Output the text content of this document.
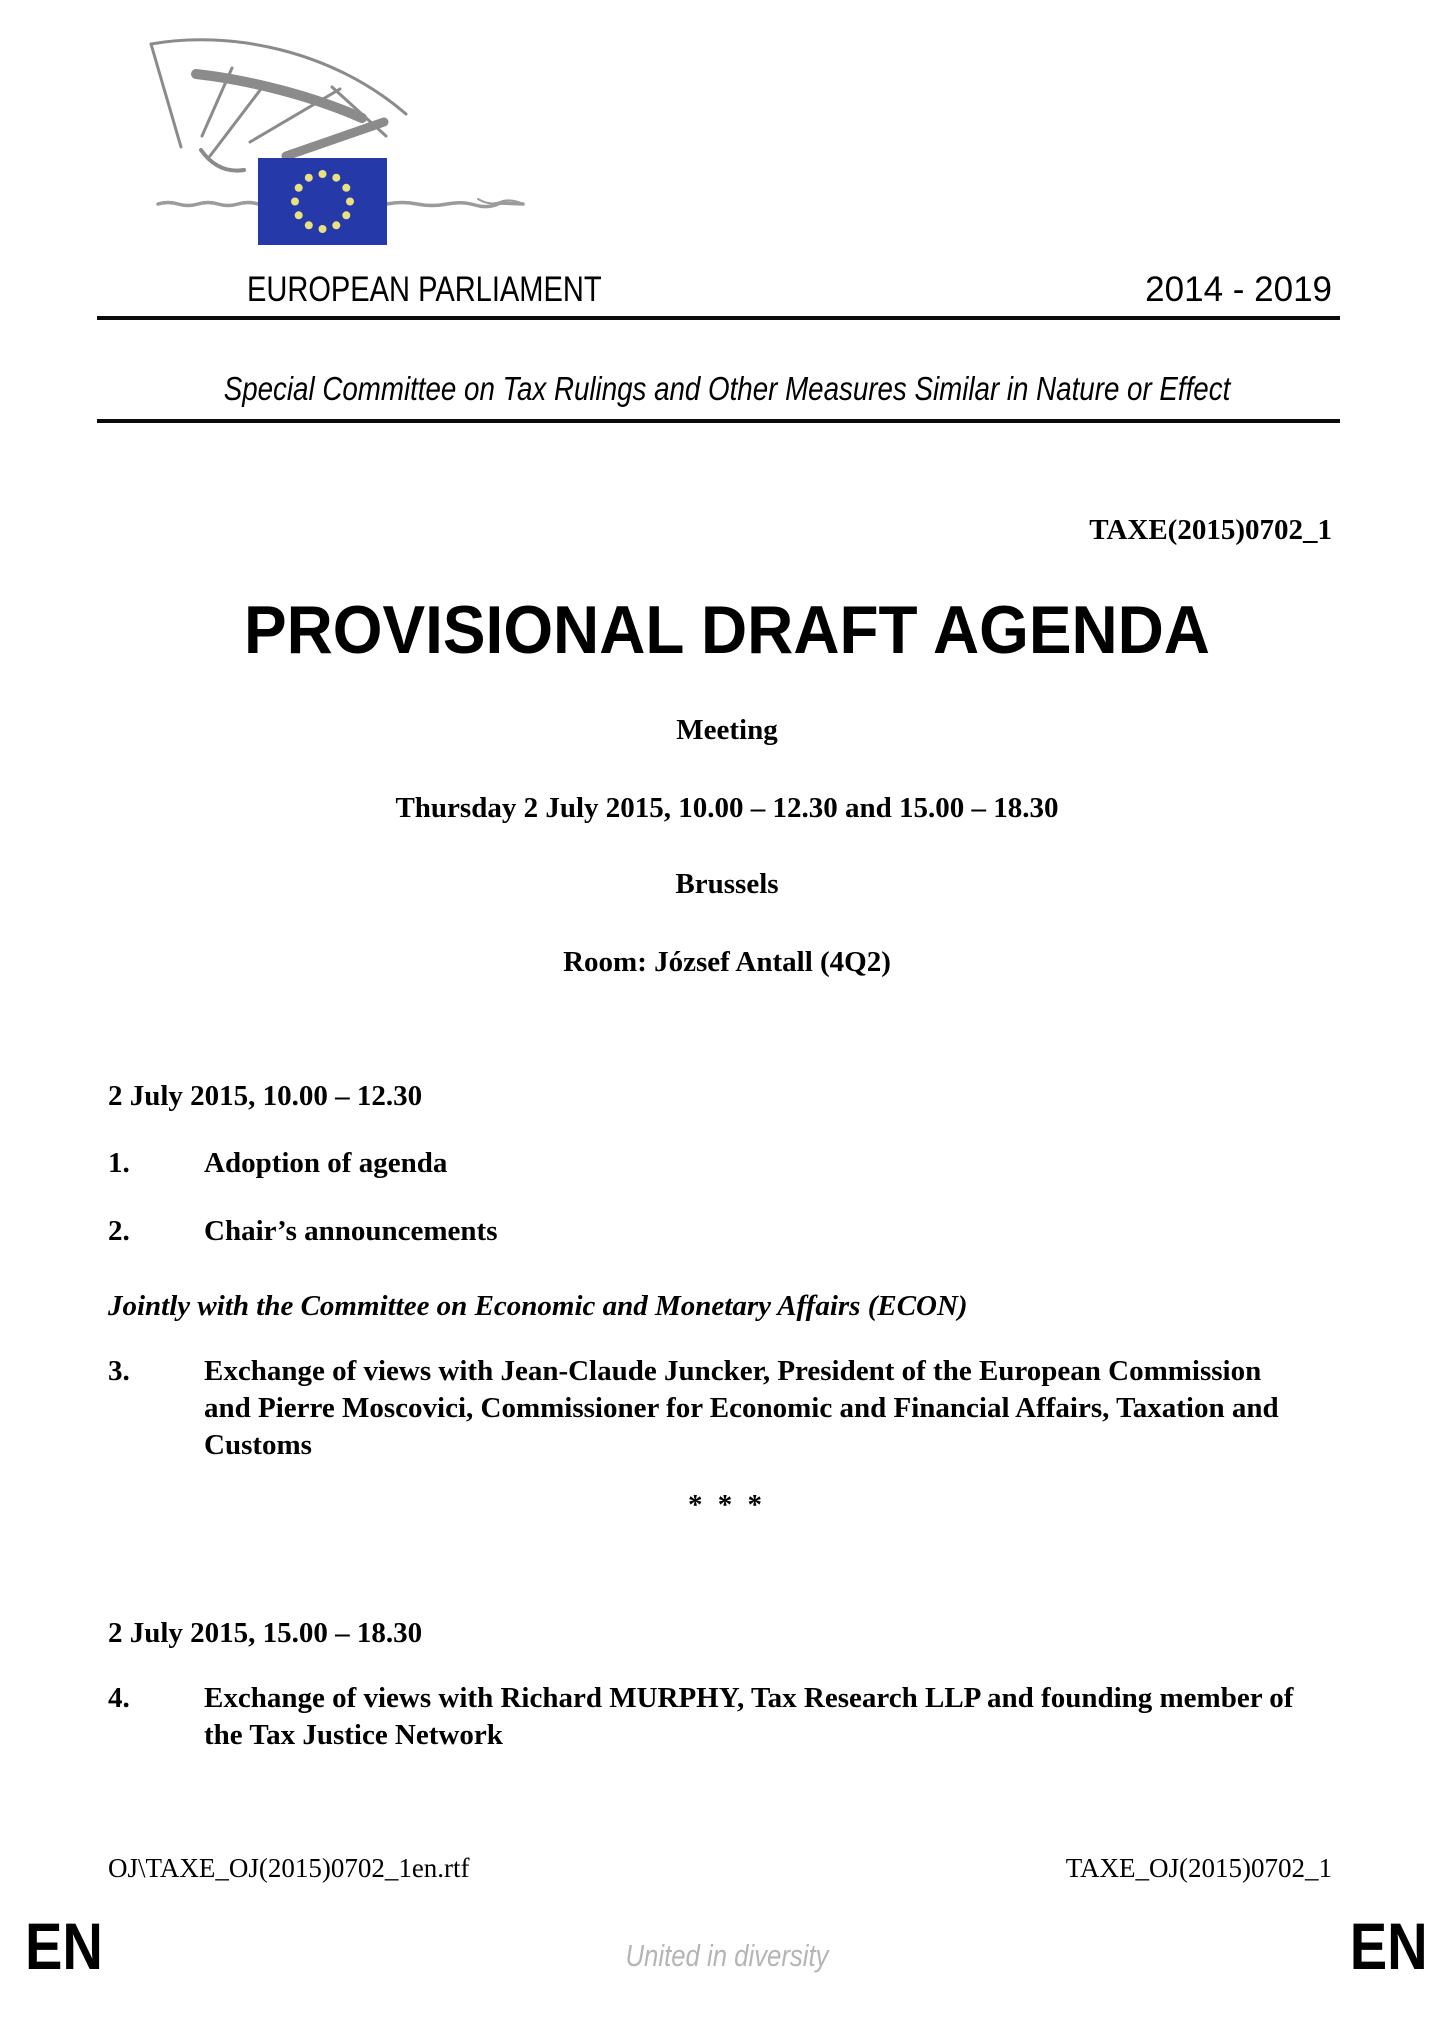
EUROPEAN PARLIAMENT	2014 - 2019
Special Committee on Tax Rulings and Other Measures Similar in Nature or Effect
TAXE(2015)0702_1
PROVISIONAL DRAFT AGENDA
Meeting
Thursday 2 July 2015, 10.00 – 12.30 and 15.00 – 18.30
Brussels
Room: József Antall (4Q2)
2 July 2015, 10.00 – 12.30
1.	Adoption of agenda
2.	Chair’s announcements
Jointly with the Committee on Economic and Monetary Affairs (ECON)
3.	Exchange of views with Jean-Claude Juncker, President of the European Commission and Pierre Moscovici, Commissioner for Economic and Financial Affairs, Taxation and Customs
* * *
2 July 2015, 15.00 – 18.30
4.	Exchange of views with Richard MURPHY, Tax Research LLP and founding member of the Tax Justice Network
OJ\TAXE_OJ(2015)0702_1en.rtf	TAXE_OJ(2015)0702_1
EN	United in diversity	EN
